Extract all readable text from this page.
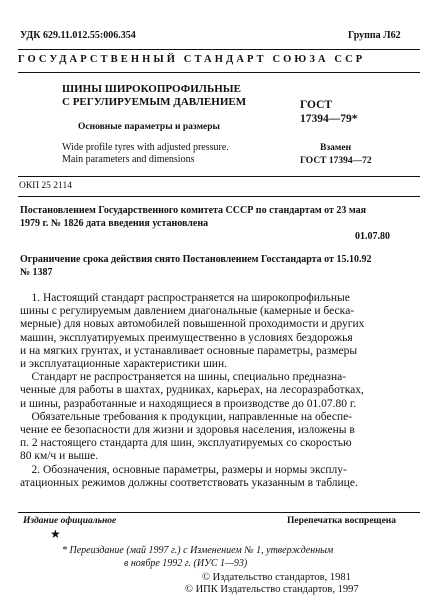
УДК 629.11.012.55:006.354	Группа Л62
ГОСУДАРСТВЕННЫЙ СТАНДАРТ СОЮЗА ССР
ШИНЫ ШИРОКОПРОФИЛЬНЫЕ
С РЕГУЛИРУЕМЫМ ДАВЛЕНИЕМ	ГОСТ
17394—79*
Основные параметры и размеры
Wide profile tyres with adjusted pressure.
Main parameters and dimensions
Взамен
ГОСТ 17394—72
ОКП 25 2114
Постановлением Государственного комитета СССР по стандартам от 23 мая
1979 г. № 1826 дата введения установлена
01.07.80
Ограничение срока действия снято Постановлением Госстандарта от 15.10.92
№ 1387
1. Настоящий стандарт распространяется на широкопрофильные
шины с регулируемым давлением диагональные (камерные и бескa-
мерные) для новых автомобилей повышенной проходимости и других
машин, эксплуатируемых преимущественно в условиях бездорожья
и на мягких грунтах, и устанавливает основные параметры, размеры
и эксплуатационные характеристики шин.
Стандарт не распространяется на шины, специально предназна-
ченные для работы в шахтах, рудниках, карьерах, на лесоразработках,
и шины, разработанные и находящиеся в производстве до 01.07.80 г.
Обязательные требования к продукции, направленные на обеспе-
чение ее безопасности для жизни и здоровья населения, изложены в
п. 2 настоящего стандарта для шин, эксплуатируемых со скоростью
80 км/ч и выше.
2. Обозначения, основные параметры, размеры и нормы эксплу-
атационных режимов должны соответствовать указанным в таблице.
Издание официальное	Перепечатка воспрещена
★
* Переиздание (май 1997 г.) с Изменением № 1, утвержденным
в ноябре 1992 г. (ИУС 1—93)
© Издательство стандартов, 1981
© ИПК Издательство стандартов, 1997
